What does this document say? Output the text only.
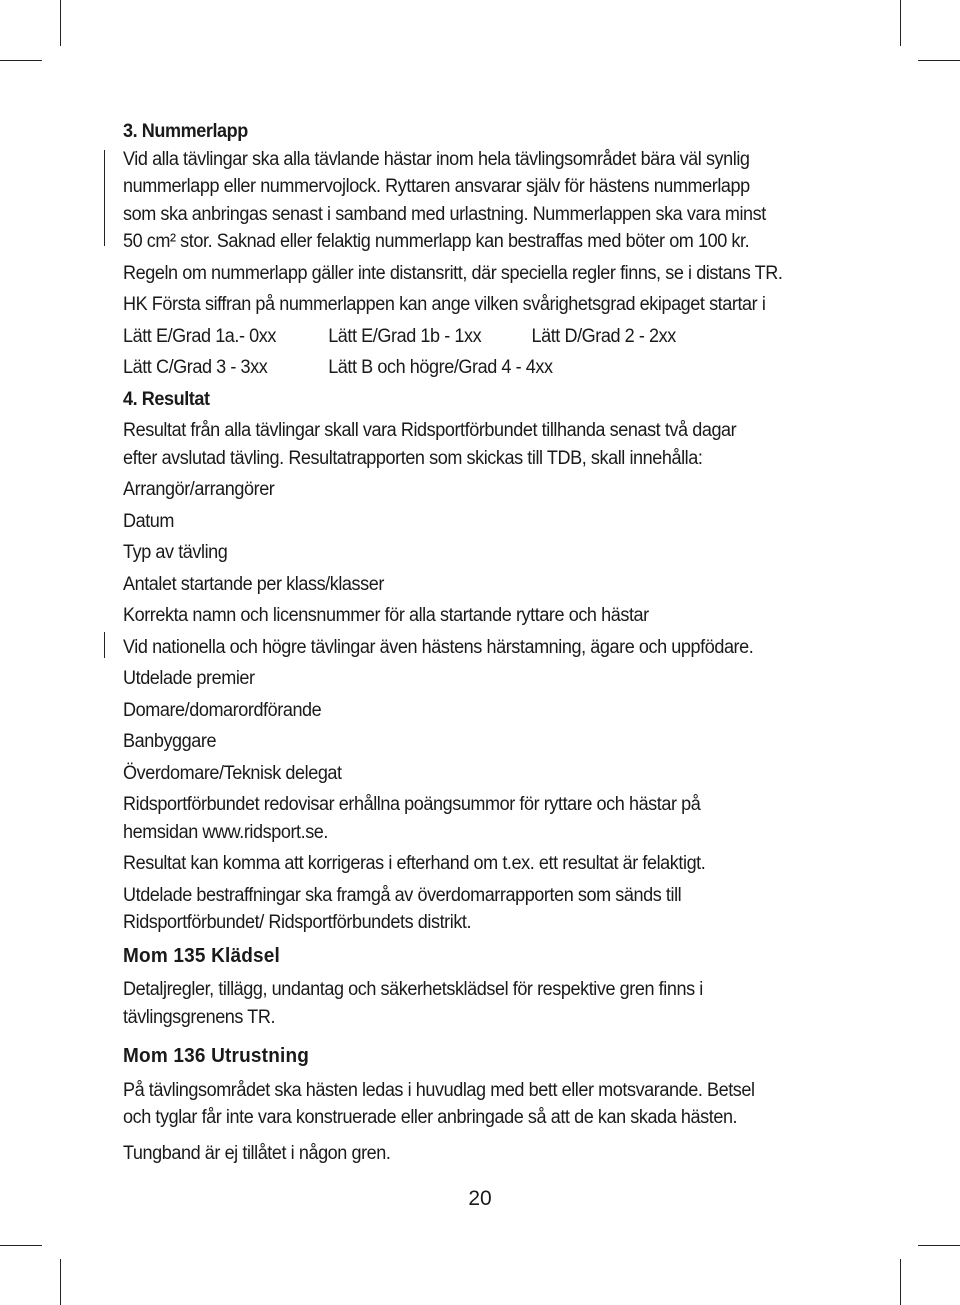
3. Nummerlapp

Vid alla tävlingar ska alla tävlande hästar inom hela tävlingsområdet bära väl synlig

nummerlapp eller nummervojlock. Ryttaren ansvarar själv för hästens nummerlapp

som ska anbringas senast i samband med urlastning. Nummerlappen ska vara minst

50 cm² stor. Saknad eller felaktig nummerlapp kan bestraffas med böter om 100 kr.

Regeln om nummerlapp gäller inte distansritt, där speciella regler finns, se i distans TR.

HK Första siffran på nummerlappen kan ange vilken svårighetsgrad ekipaget startar i

Lätt E/Grad 1a.- 0xx	Lätt E/Grad 1b - 1xx	Lätt D/Grad 2 - 2xx
Lätt C/Grad 3 - 3xx	Lätt B och högre/Grad 4 - 4xx

4. Resultat

Resultat från alla tävlingar skall vara Ridsportförbundet tillhanda senast två dagar

efter avslutad tävling. Resultatrapporten som skickas till TDB, skall innehålla:

Arrangör/arrangörer

Datum

Typ av tävling

Antalet startande per klass/klasser

Korrekta namn och licensnummer för alla startande ryttare och hästar

Vid nationella och högre tävlingar även hästens härstamning, ägare och uppfödare.

Utdelade premier

Domare/domarordförande

Banbyggare

Överdomare/Teknisk delegat

Ridsportförbundet redovisar erhållna poängsummor för ryttare och hästar på

hemsidan www.ridsport.se.

Resultat kan komma att korrigeras i efterhand om t.ex. ett resultat är felaktigt.

Utdelade bestraffningar ska framgå av överdomarrapporten som sänds till

Ridsportförbundet/ Ridsportförbundets distrikt.

Mom 135 Klädsel

Detaljregler, tillägg, undantag och säkerhetsklädsel för respektive gren finns i

tävlingsgrenens TR.

Mom 136 Utrustning

På tävlingsområdet ska hästen ledas i huvudlag med bett eller motsvarande. Betsel

och tyglar får inte vara konstruerade eller anbringade så att de kan skada hästen.

Tungband är ej tillåtet i någon gren.

20
